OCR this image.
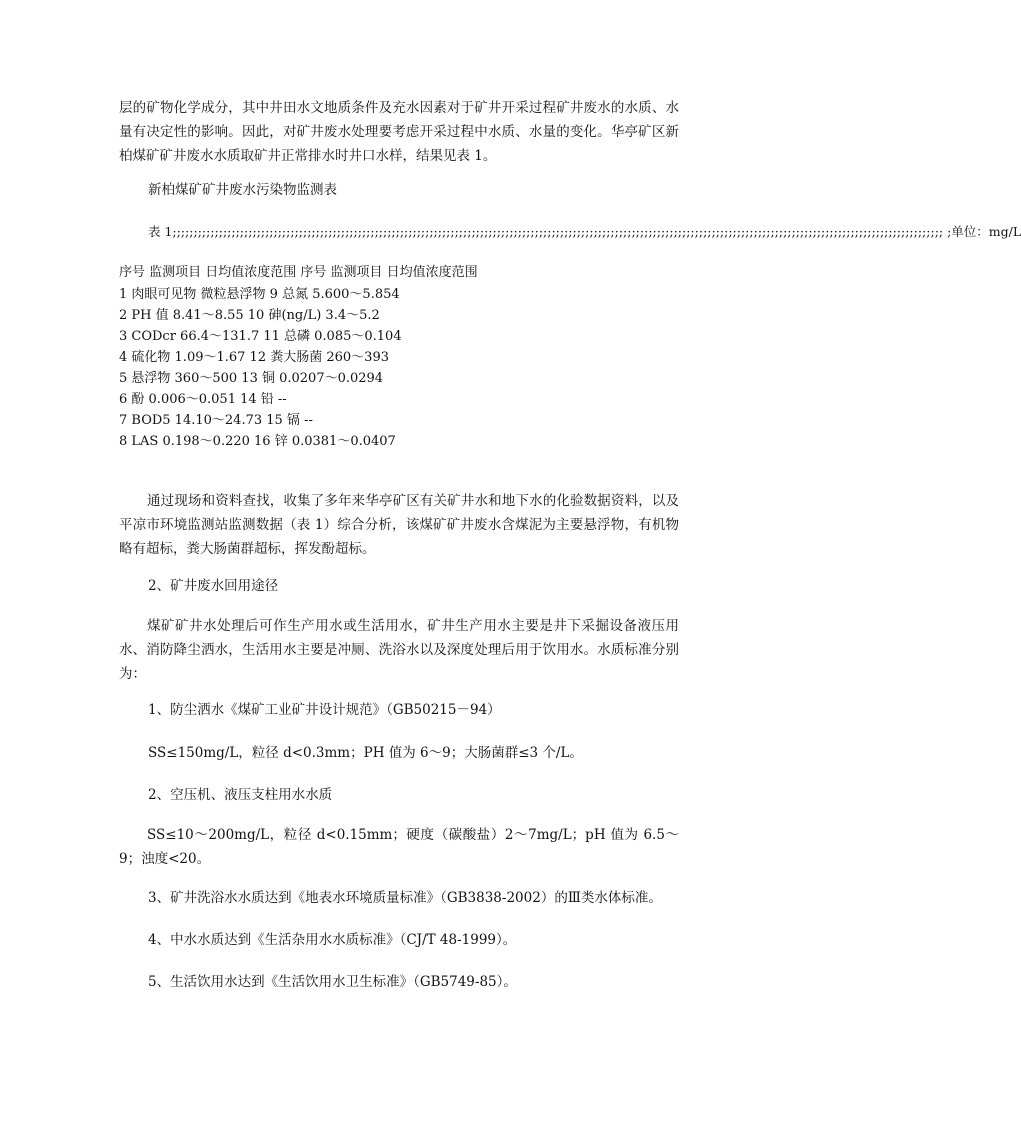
层的矿物化学成分，其中井田水文地质条件及充水因素对于矿井开采过程矿井废水的水质、水量有决定性的影响。因此，对矿井废水处理要考虑开采过程中水质、水量的变化。华亭矿区新柏煤矿矿井废水水质取矿井正常排水时井口水样，结果见表 1。

新柏煤矿矿井废水污染物监测表

表 1;;;;;;;;;;;;;;;;;;;;;;;;;;;;;;;;;;;;;;;;;;;;;;;;;;;;;;;;;;;;;;;;;;;;;;;;;;;;;;;;;;;;;;;;;;;;;;;;;;;;;;;;;;;;;;;;;;;;;;;;;;;;;;;;;;;;;;;;;;;;;;;;;;;;;;;;;;;;;;;;;;;;;;;;;;;;;;;;;;;;;;; ;单位：mg/L

序号 监测项目 日均值浓度范围 序号 监测项目 日均值浓度范围

1 肉眼可见物 微粒悬浮物 9 总氮 5.600～5.854

2 PH 值 8.41～8.55 10 砷(ng/L) 3.4～5.2

3 CODcr 66.4～131.7 11 总磷 0.085～0.104

4 硫化物 1.09～1.67 12 粪大肠菌 260～393

5 悬浮物 360～500 13 铜 0.0207～0.0294

6 酚 0.006～0.051 14 铅 --

7 BOD5 14.10～24.73 15 镉 --

8 LAS 0.198～0.220 16 锌 0.0381～0.0407

通过现场和资料查找，收集了多年来华亭矿区有关矿井水和地下水的化验数据资料，以及平凉市环境监测站监测数据（表 1）综合分析，该煤矿矿井废水含煤泥为主要悬浮物，有机物略有超标，粪大肠菌群超标，挥发酚超标。

2、矿井废水回用途径

煤矿矿井水处理后可作生产用水或生活用水，矿井生产用水主要是井下采掘设备液压用水、消防降尘洒水，生活用水主要是冲厕、洗浴水以及深度处理后用于饮用水。水质标准分别为：

1、防尘洒水《煤矿工业矿井设计规范》（GB50215－94）

SS≤150mg/L，粒径 d<0.3mm；PH 值为 6～9；大肠菌群≤3 个/L。

2、空压机、液压支柱用水水质

SS≤10～200mg/L，粒径 d<0.15mm；硬度（碳酸盐）2～7mg/L；pH 值为 6.5～9；浊度<20。

3、矿井洗浴水水质达到《地表水环境质量标准》（GB3838-2002）的Ⅲ类水体标准。

4、中水水质达到《生活杂用水水质标准》（CJ/T 48-1999）。

5、生活饮用水达到《生活饮用水卫生标准》（GB5749-85）。
